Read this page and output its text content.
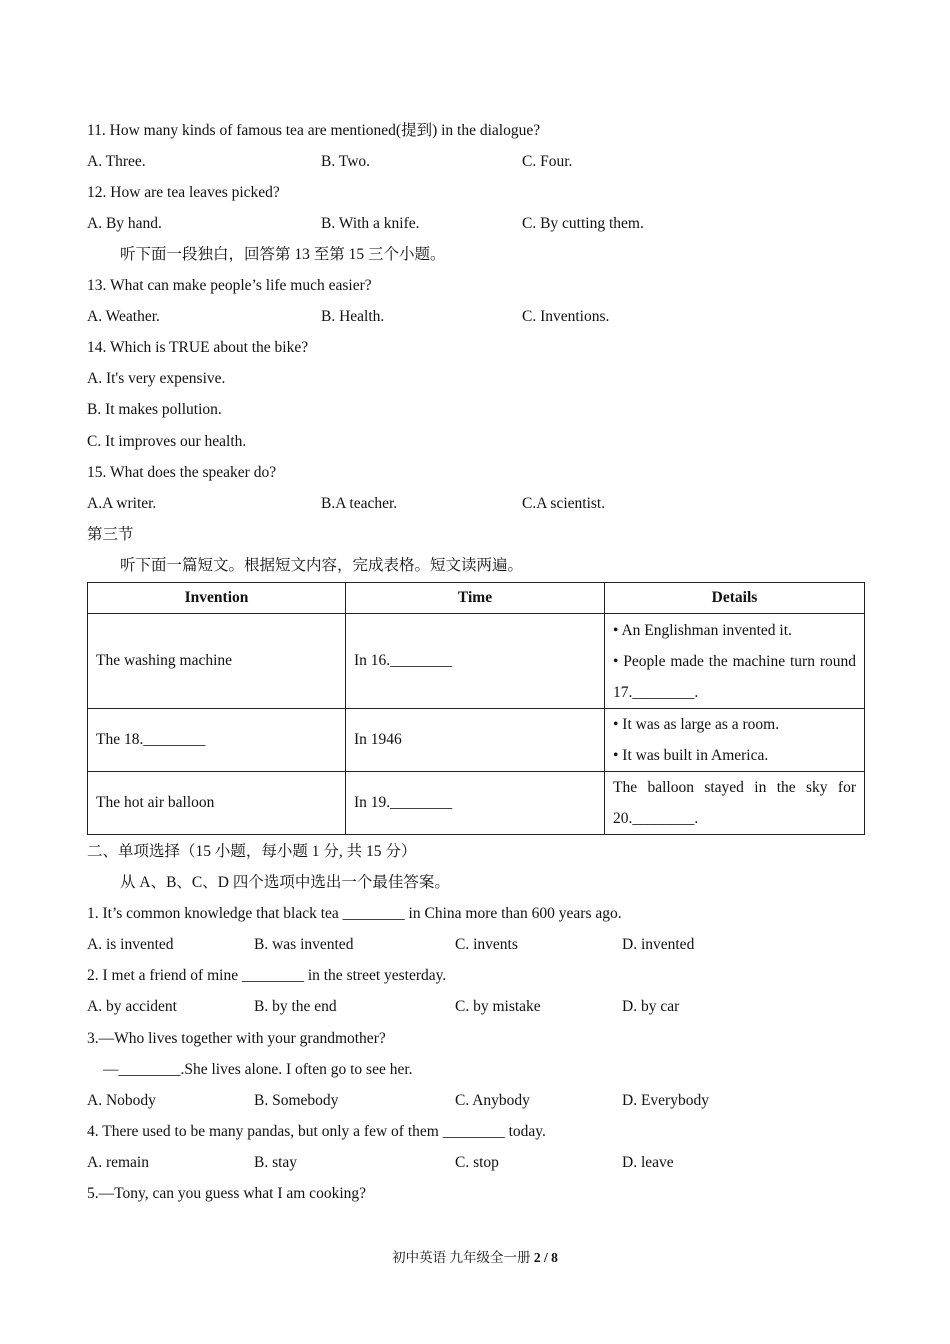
11. How many kinds of famous tea are mentioned(提到) in the dialogue?
A. Three.	B. Two.	C. Four.
12. How are tea leaves picked?
A. By hand.	B. With a knife.	C. By cutting them.
听下面一段独白，回答第 13 至第 15 三个小题。
13. What can make people’s life much easier?
A. Weather.	B. Health.	C. Inventions.
14. Which is TRUE about the bike?
A. It's very expensive.
B. It makes pollution.
C. It improves our health.
15. What does the speaker do?
A.A writer.	B.A teacher.	C.A scientist.
第三节
听下面一篇短文。根据短文内容，完成表格。短文读两遍。
Invention	Time	Details
The washing machine	In 16.________	• An Englishman invented it.
• People made the machine turn round 17.________.

The 18.________	In 1946	• It was as large as a room.
• It was built in America.

The hot air balloon	In 19.________	The balloon stayed in the sky for 20.________.
二、单项选择（15 小题，每小题 1 分, 共 15 分）
从 A、B、C、D 四个选项中选出一个最佳答案。
1. It’s common knowledge that black tea ________ in China more than 600 years ago.
A. is invented	B. was invented	C. invents	D. invented
2. I met a friend of mine ________ in the street yesterday.
A. by accident	B. by the end	C. by mistake	D. by car
3.—Who lives together with your grandmother?
—________.She lives alone. I often go to see her.
A. Nobody	B. Somebody	C. Anybody	D. Everybody
4. There used to be many pandas, but only a few of them ________ today.
A. remain	B. stay	C. stop	D. leave
5.—Tony, can you guess what I am cooking?
初中英语 九年级全一册 2 / 8
